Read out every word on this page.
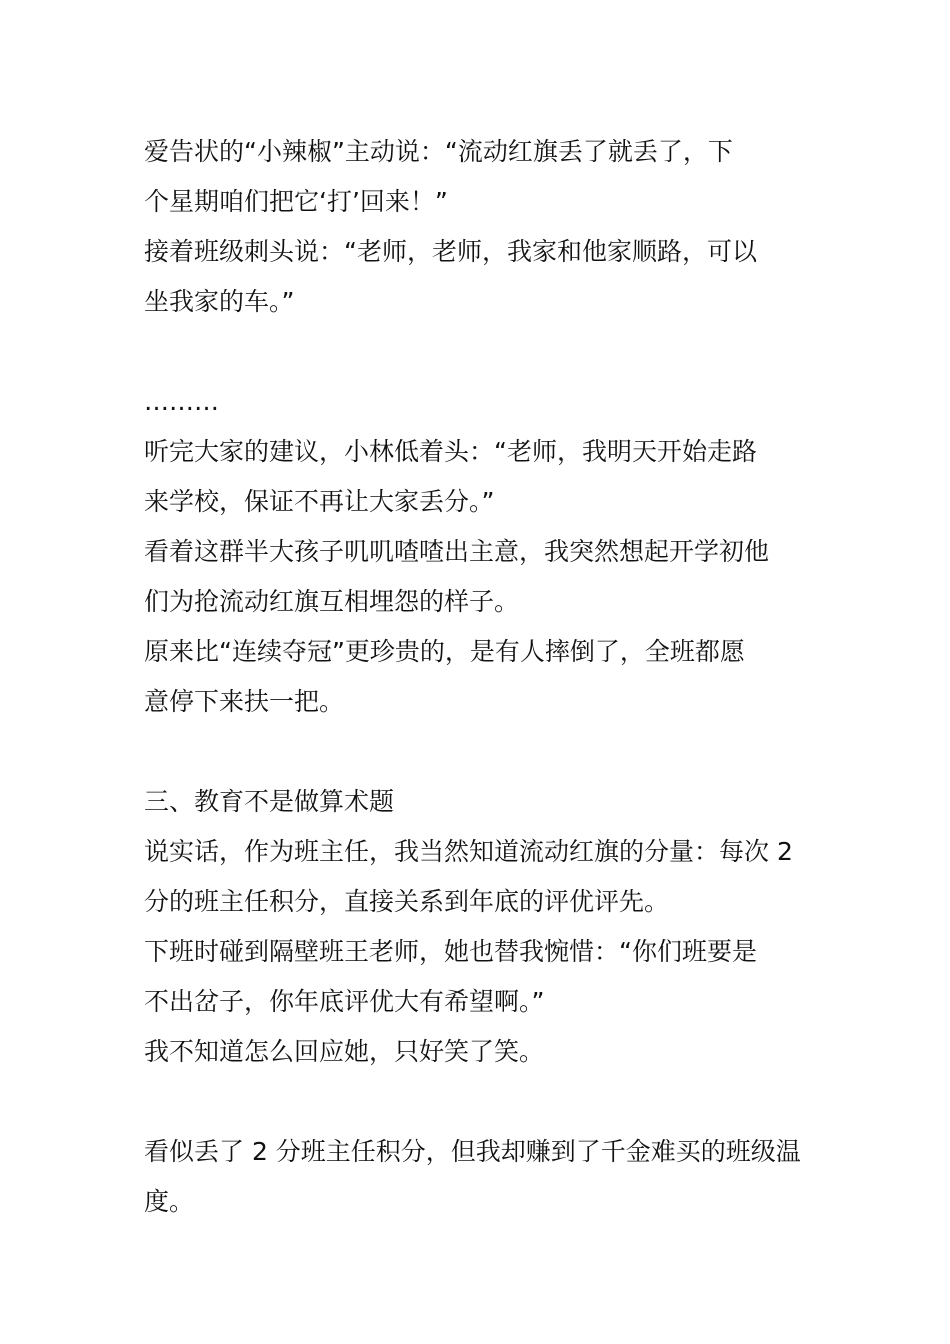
爱告状的“小辣椒”主动说：“流动红旗丢了就丢了，下

个星期咱们把它‘打’回来！”

接着班级刺头说：“老师，老师，我家和他家顺路，可以

坐我家的车。”

………

听完大家的建议，小林低着头：“老师，我明天开始走路

来学校，保证不再让大家丢分。”

看着这群半大孩子叽叽喳喳出主意，我突然想起开学初他

们为抢流动红旗互相埋怨的样子。

原来比“连续夺冠”更珍贵的，是有人摔倒了，全班都愿

意停下来扶一把。

三、教育不是做算术题

说实话，作为班主任，我当然知道流动红旗的分量：每次 2

分的班主任积分，直接关系到年底的评优评先。

下班时碰到隔壁班王老师，她也替我惋惜：“你们班要是

不出岔子，你年底评优大有希望啊。”

我不知道怎么回应她，只好笑了笑。

看似丢了 2 分班主任积分，但我却赚到了千金难买的班级温

度。
